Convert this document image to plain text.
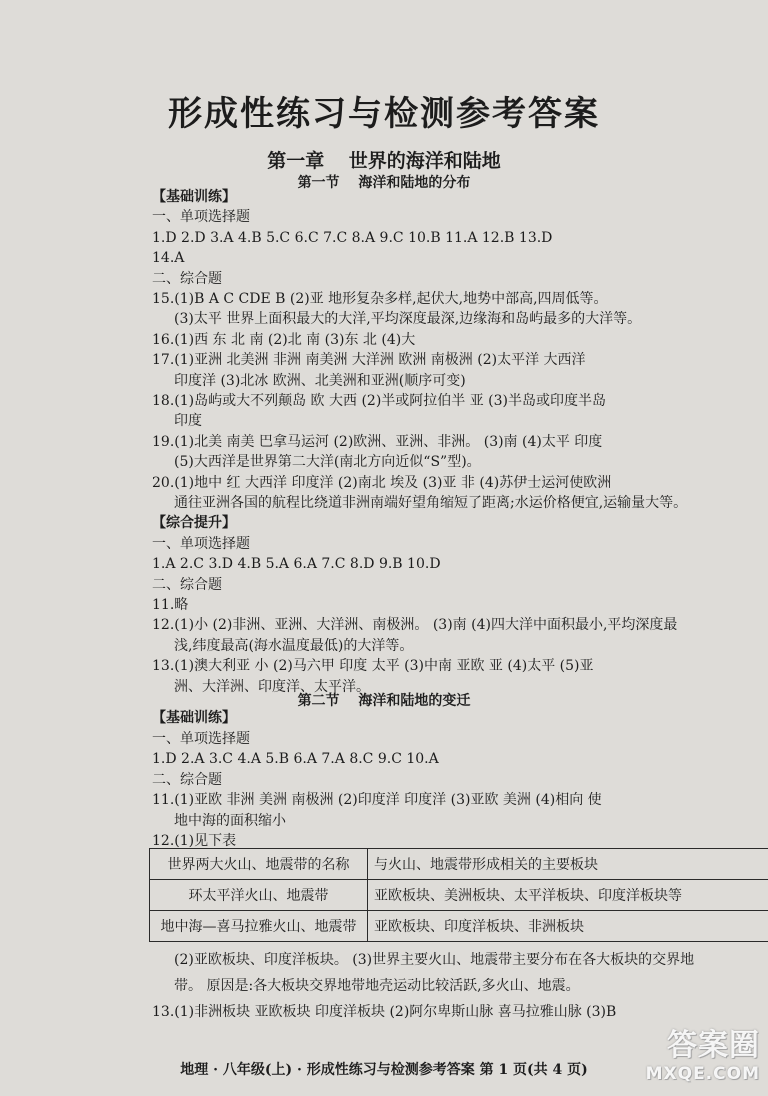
形成性练习与检测参考答案
第一章 世界的海洋和陆地
第一节 海洋和陆地的分布
【基础训练】
一、单项选择题
1.D 2.D 3.A 4.B 5.C 6.C 7.C 8.A 9.C 10.B 11.A 12.B 13.D
14.A
二、综合题
15.(1)B A C CDE B (2)亚 地形复杂多样,起伏大,地势中部高,四周低等。
(3)太平 世界上面积最大的大洋,平均深度最深,边缘海和岛屿最多的大洋等。
16.(1)西 东 北 南 (2)北 南 (3)东 北 (4)大
17.(1)亚洲 北美洲 非洲 南美洲 大洋洲 欧洲 南极洲 (2)太平洋 大西洋
印度洋 (3)北冰 欧洲、北美洲和亚洲(顺序可变)
18.(1)岛屿或大不列颠岛 欧 大西 (2)半或阿拉伯半 亚 (3)半岛或印度半岛
印度
19.(1)北美 南美 巴拿马运河 (2)欧洲、亚洲、非洲。 (3)南 (4)太平 印度
(5)大西洋是世界第二大洋(南北方向近似“S”型)。
20.(1)地中 红 大西洋 印度洋 (2)南北 埃及 (3)亚 非 (4)苏伊士运河使欧洲
通往亚洲各国的航程比绕道非洲南端好望角缩短了距离;水运价格便宜,运输量大等。
【综合提升】
一、单项选择题
1.A 2.C 3.D 4.B 5.A 6.A 7.C 8.D 9.B 10.D
二、综合题
11.略
12.(1)小 (2)非洲、亚洲、大洋洲、南极洲。 (3)南 (4)四大洋中面积最小,平均深度最
浅,纬度最高(海水温度最低)的大洋等。
13.(1)澳大利亚 小 (2)马六甲 印度 太平 (3)中南 亚欧 亚 (4)太平 (5)亚
洲、大洋洲、印度洋、太平洋。
第二节 海洋和陆地的变迁
【基础训练】
一、单项选择题
1.D 2.A 3.C 4.A 5.B 6.A 7.A 8.C 9.C 10.A
二、综合题
11.(1)亚欧 非洲 美洲 南极洲 (2)印度洋 印度洋 (3)亚欧 美洲 (4)相向 使
地中海的面积缩小
12.(1)见下表
世界两大火山、地震带的名称	与火山、地震带形成相关的主要板块
环太平洋火山、地震带	亚欧板块、美洲板块、太平洋板块、印度洋板块等
地中海—喜马拉雅火山、地震带	亚欧板块、印度洋板块、非洲板块
(2)亚欧板块、印度洋板块。 (3)世界主要火山、地震带主要分布在各大板块的交界地
带。 原因是:各大板块交界地带地壳运动比较活跃,多火山、地震。
13.(1)非洲板块 亚欧板块 印度洋板块 (2)阿尔卑斯山脉 喜马拉雅山脉 (3)B
地理 · 八年级(上) · 形成性练习与检测参考答案 第 1 页(共 4 页)
答案圈
MXQE.COM
